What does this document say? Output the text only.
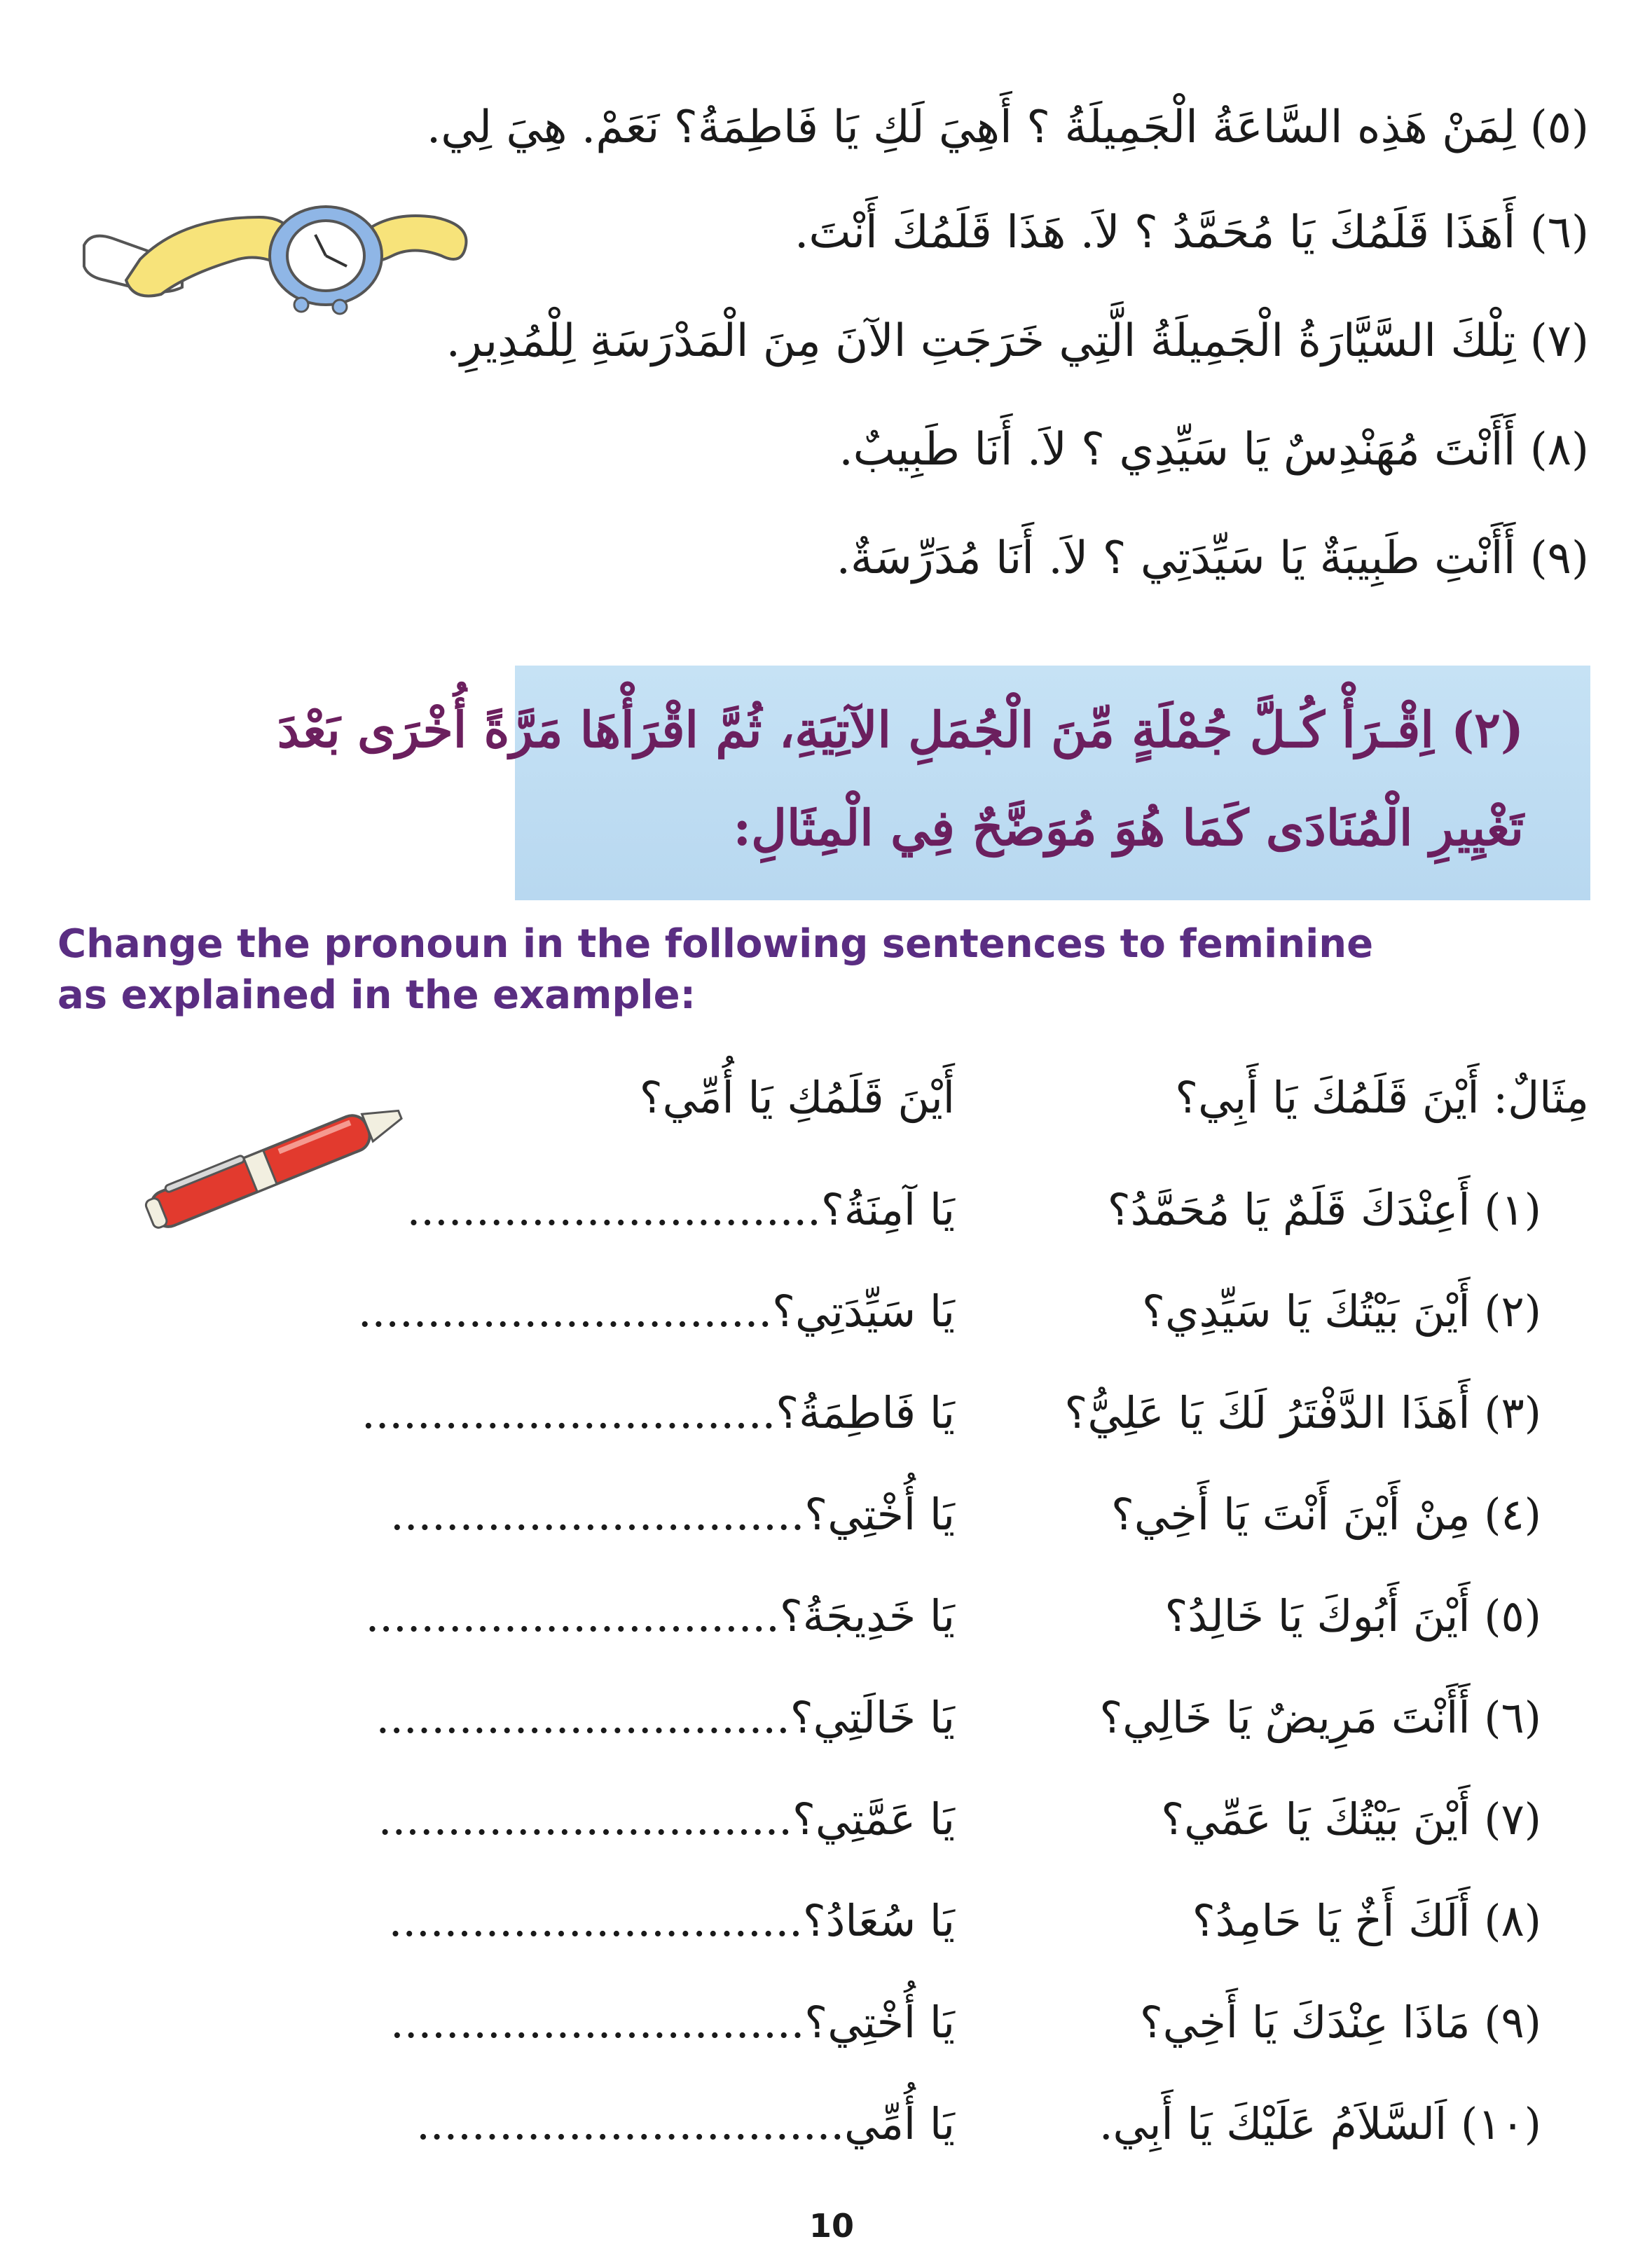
(٥) لِمَنْ هَذِه السَّاعَةُ الْجَمِيلَةُ ؟ أَهِيَ لَكِ يَا فَاطِمَةُ؟ نَعَمْ. هِيَ لِي.
(٦) أَهَذَا قَلَمُكَ يَا مُحَمَّدُ ؟ لاَ. هَذَا قَلَمُكَ أَنْتَ.
(٧) تِلْكَ السَّيَّارَةُ الْجَمِيلَةُ الَّتِي خَرَجَتِ الآنَ مِنَ الْمَدْرَسَةِ لِلْمُدِيرِ.
(٨) أَأَنْتَ مُهَنْدِسٌ يَا سَيِّدِي ؟ لاَ. أَنَا طَبِيبٌ.
(٩) أَأَنْتِ طَبِيبَةٌ يَا سَيِّدَتِي ؟ لاَ. أَنَا مُدَرِّسَةٌ.
(٢) اِقْـرَأْ كُـلَّ جُمْلَةٍ مِّنَ الْجُمَلِ الآتِيَةِ، ثُمَّ اقْرَأْهَا مَرَّةً أُخْرَى بَعْدَ
تَغْيِيرِ الْمُنَادَى كَمَا هُوَ مُوَضَّحٌ فِي الْمِثَالِ:
Change the pronoun in the following sentences to feminine
as explained in the example:
مِثَالٌ: أَيْنَ قَلَمُكَ يَا أَبِي؟
أَيْنَ قَلَمُكِ يَا أُمِّي؟
(١) أَعِنْدَكَ قَلَمٌ يَا مُحَمَّدُ؟
يَا آمِنَةُ؟..............................
(٢) أَيْنَ بَيْتُكَ يَا سَيِّدِي؟
يَا سَيِّدَتِي؟..............................
(٣) أَهَذَا الدَّفْتَرُ لَكَ يَا عَلِيُّ؟
يَا فَاطِمَةُ؟..............................
(٤) مِنْ أَيْنَ أَنْتَ يَا أَخِي؟
يَا أُخْتِي؟..............................
(٥) أَيْنَ أَبُوكَ يَا خَالِدُ؟
يَا خَدِيجَةُ؟..............................
(٦) أَأَنْتَ مَرِيضٌ يَا خَالِي؟
يَا خَالَتِي؟..............................
(٧) أَيْنَ بَيْتُكَ يَا عَمِّي؟
يَا عَمَّتِي؟..............................
(٨) أَلَكَ أَخٌ يَا حَامِدُ؟
يَا سُعَادُ؟..............................
(٩) مَاذَا عِنْدَكَ يَا أَخِي؟
يَا أُخْتِي؟..............................
(١٠) اَلسَّلاَمُ عَلَيْكَ يَا أَبِي.
يَا أُمِّي...............................
10
